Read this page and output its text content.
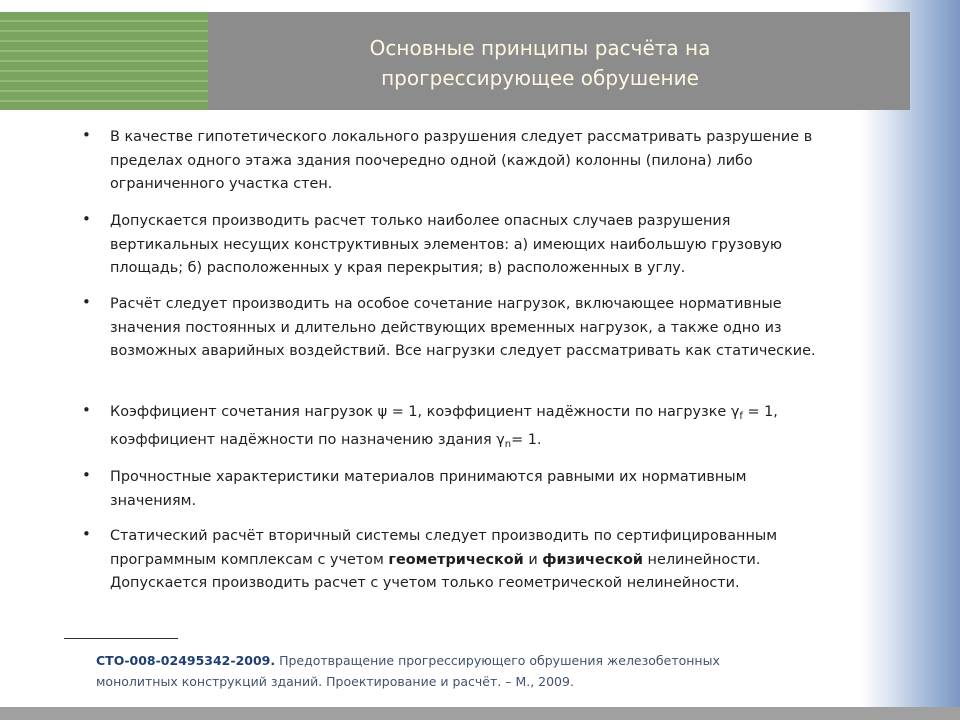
Основные принципы расчёта на
прогрессирующее обрушение
• В качестве гипотетического локального разрушения следует рассматривать разрушение в пределах одного этажа здания поочередно одной (каждой) колонны (пилона) либо ограниченного участка стен.
• Допускается производить расчет только наиболее опасных случаев разрушения вертикальных несущих конструктивных элементов: а) имеющих наибольшую грузовую площадь; б) расположенных у края перекрытия; в) расположенных в углу.
• Расчёт следует производить на особое сочетание нагрузок, включающее нормативные значения постоянных и длительно действующих временных нагрузок, а также одно из возможных аварийных воздействий. Все нагрузки следует рассматривать как статические.
• Коэффициент сочетания нагрузок ψ = 1, коэффициент надёжности по нагрузке $\gamma_f = 1$, коэффициент надёжности по назначению здания $\gamma_n= 1$.
• Прочностные характеристики материалов принимаются равными их нормативным значениям.
• Статический расчёт вторичный системы следует производить по сертифицированным программным комплексам с учетом геометрической и физической нелинейности. Допускается производить расчет с учетом только геометрической нелинейности.
СТО-008-02495342-2009. Предотвращение прогрессирующего обрушения железобетонных монолитных конструкций зданий. Проектирование и расчёт. – М., 2009.
